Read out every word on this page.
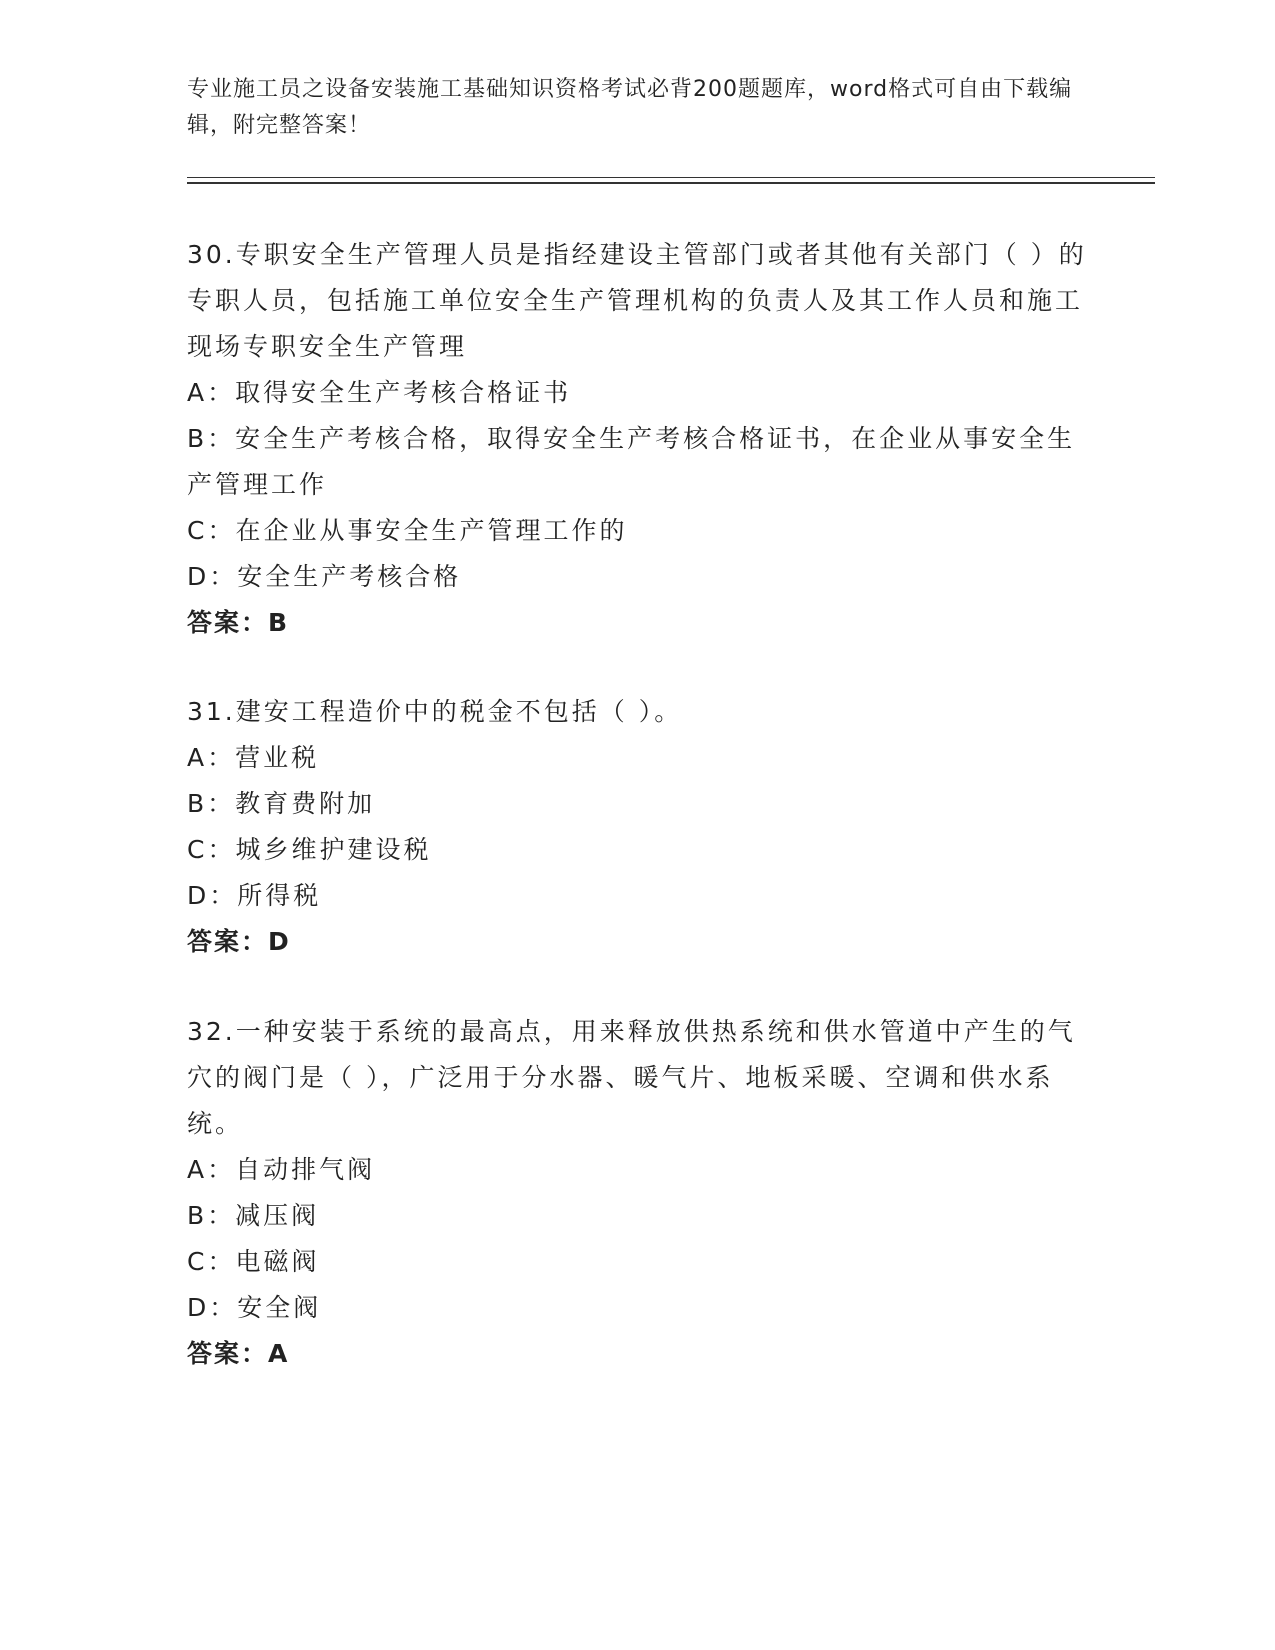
专业施工员之设备安装施工基础知识资格考试必背200题题库，word格式可自由下载编辑，附完整答案！

30.专职安全生产管理人员是指经建设主管部门或者其他有关部门（ ）的专职人员，包括施工单位安全生产管理机构的负责人及其工作人员和施工现场专职安全生产管理

A：取得安全生产考核合格证书

B：安全生产考核合格，取得安全生产考核合格证书，在企业从事安全生产管理工作

C：在企业从事安全生产管理工作的

D：安全生产考核合格

答案：B

31.建安工程造价中的税金不包括（ ）。

A：营业税

B：教育费附加

C：城乡维护建设税

D：所得税

答案：D

32.一种安装于系统的最高点，用来释放供热系统和供水管道中产生的气穴的阀门是（ ），广泛用于分水器、暖气片、地板采暖、空调和供水系统。

A：自动排气阀

B：减压阀

C：电磁阀

D：安全阀

答案：A
